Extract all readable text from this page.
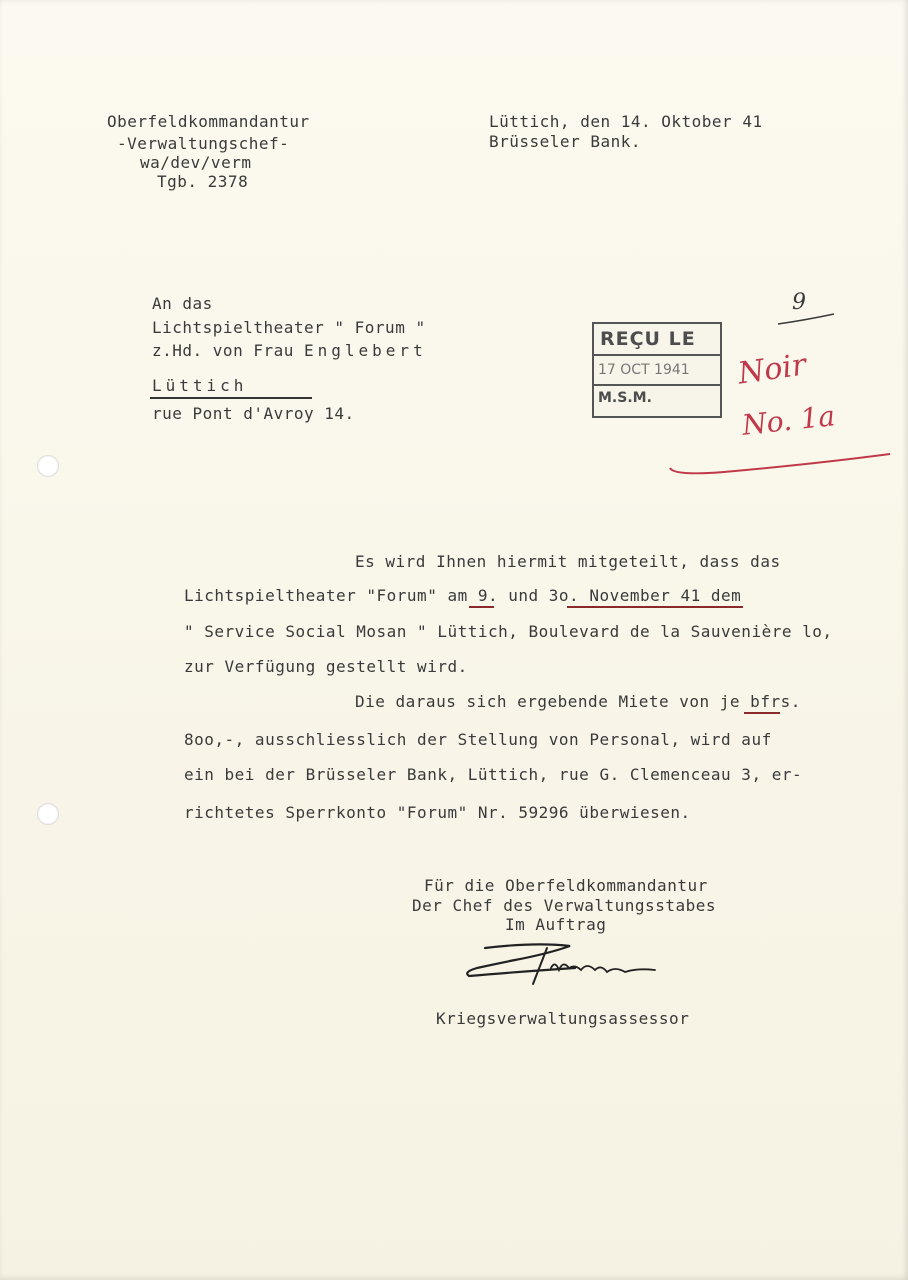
Oberfeldkommandantur
-Verwaltungschef-
wa/dev/verm
Tgb. 2378
Lüttich, den 14. Oktober 41
Brüsseler Bank.
An das
Lichtspieltheater " Forum "
z.Hd. von Frau Englebert
Lüttich
rue Pont d'Avroy 14.
9
REÇU LE
17 OCT 1941
M.S.M.
Noir
No. 1a
Es wird Ihnen hiermit mitgeteilt, dass das
Lichtspieltheater "Forum" am 9. und 3o. November 41 dem
" Service Social Mosan " Lüttich, Boulevard de la Sauvenière lo,
zur Verfügung gestellt wird.
Die daraus sich ergebende Miete von je bfrs.
8oo,-, ausschliesslich der Stellung von Personal, wird auf
ein bei der Brüsseler Bank, Lüttich, rue G. Clemenceau 3, er-
richtetes Sperrkonto "Forum" Nr. 59296 überwiesen.
Für die Oberfeldkommandantur
Der Chef des Verwaltungsstabes
Im Auftrag
Kriegsverwaltungsassessor
